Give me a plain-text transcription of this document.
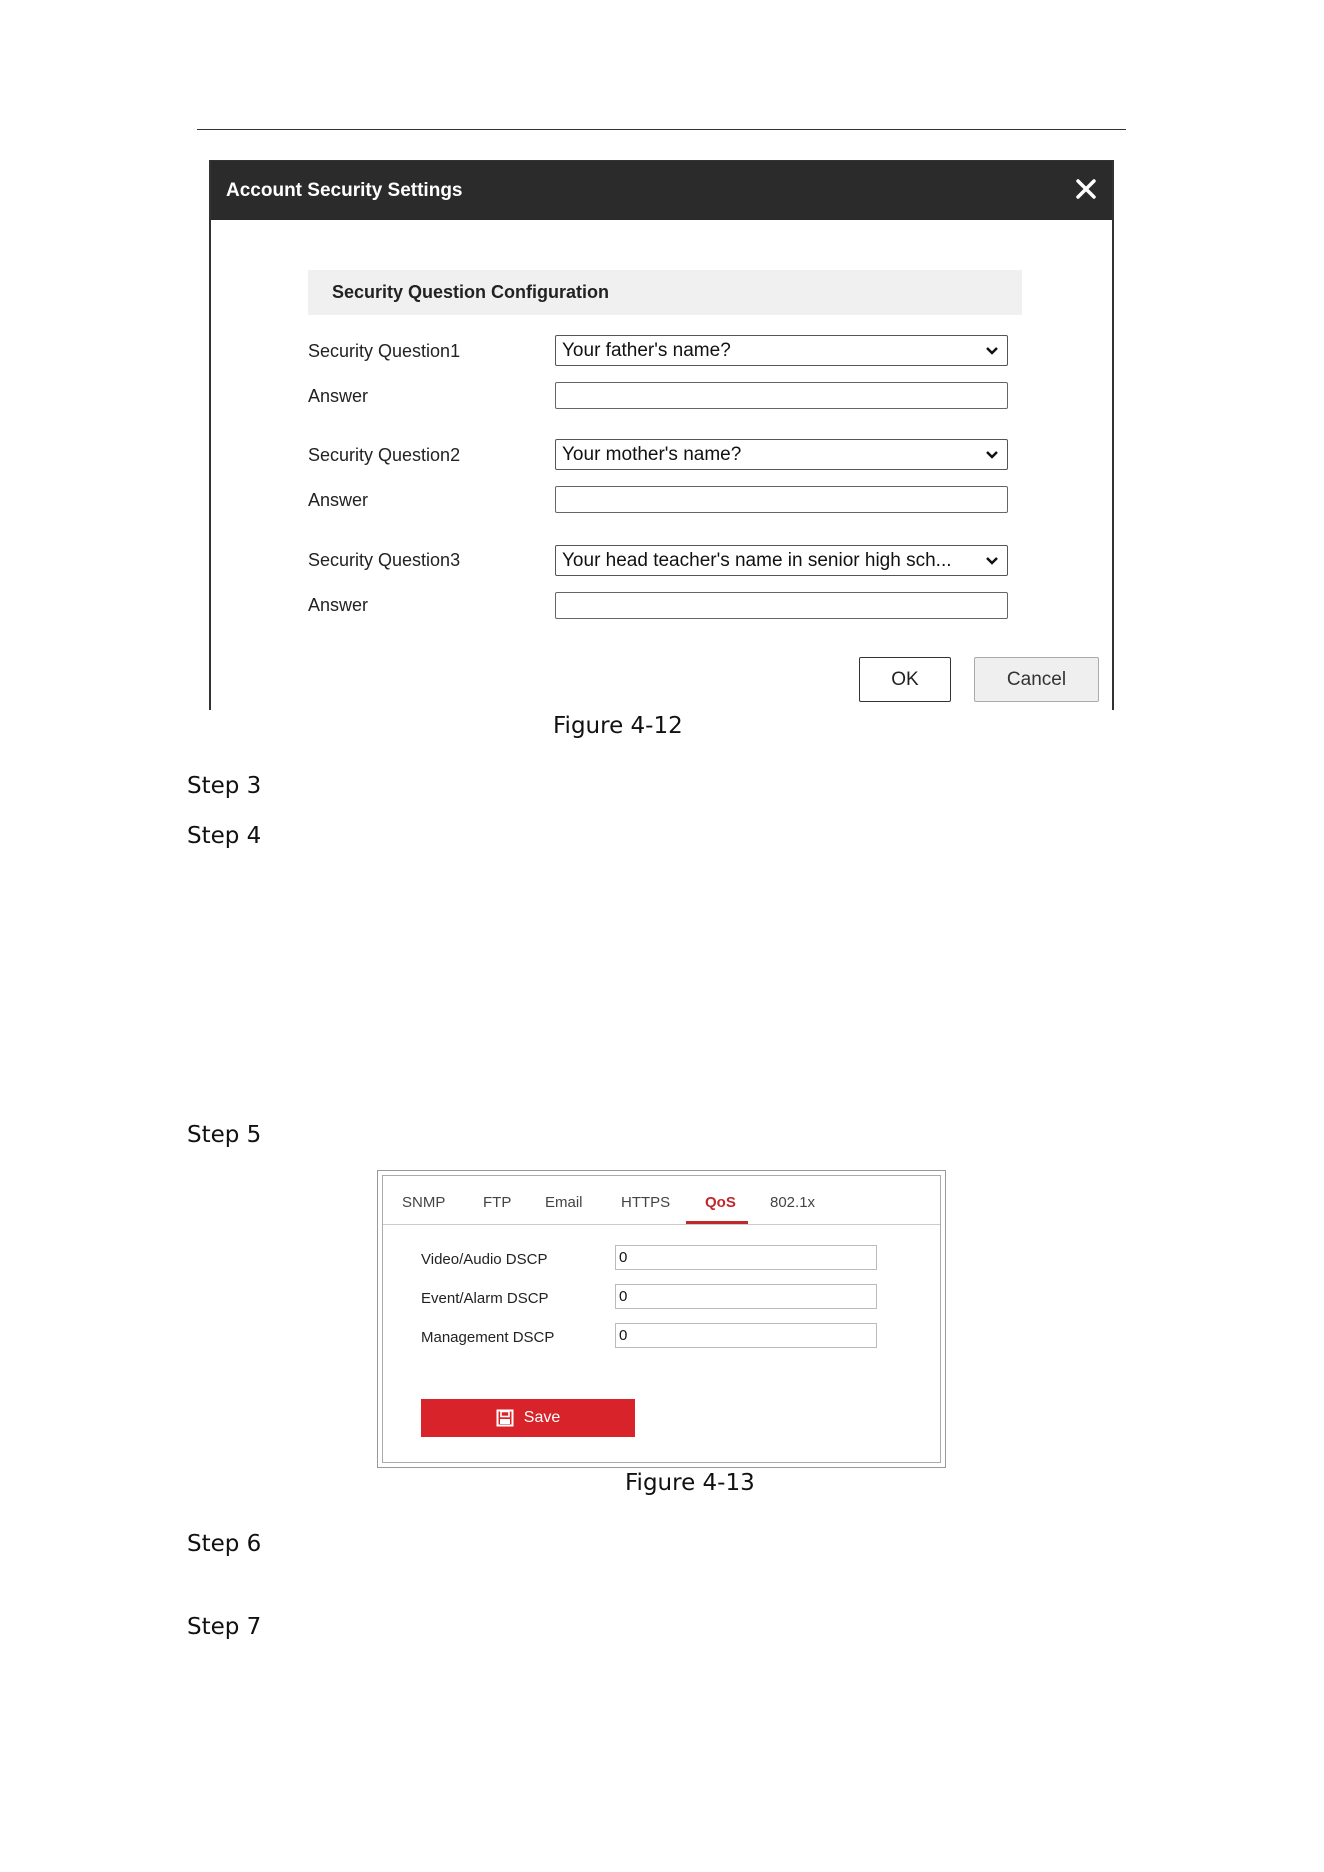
Account Security Settings
Security Question Configuration
Security Question1	Your father's name?
Answer
Security Question2	Your mother's name?
Answer
Security Question3	Your head teacher's name in senior high sch...
Answer
OK	Cancel
Figure 4-12
Step 3
Step 4
Step 5
SNMP	FTP Email	HTTPS QoS 802.1x
Video/Audio DSCP	0
Event/Alarm DSCP	0
Management DSCP	0
Save
Figure 4-13
Step 6
Step 7
